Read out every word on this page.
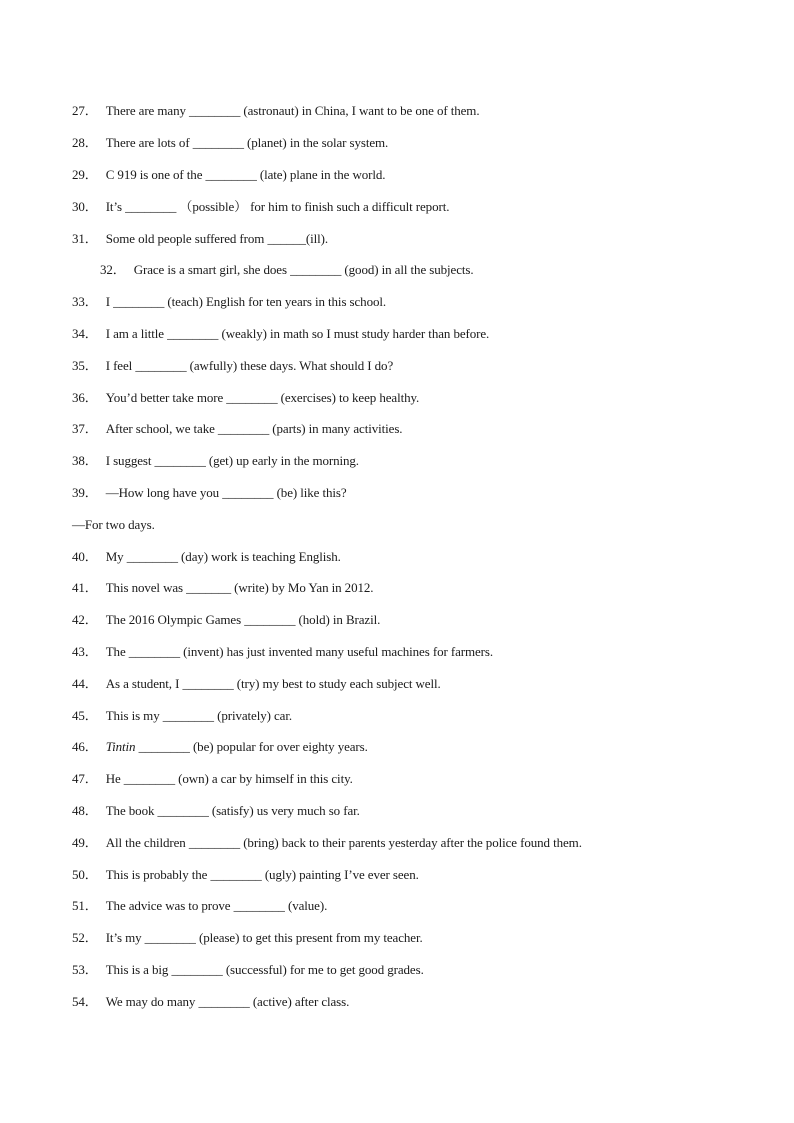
27． There are many ________ (astronaut) in China, I want to be one of them.
28． There are lots of ________ (planet) in the solar system.
29． C 919 is one of the ________ (late) plane in the world.
30． It’s ________ （possible） for him to finish such a difficult report.
31． Some old people suffered from ______(ill).
32． Grace is a smart girl, she does ________ (good) in all the subjects.
33． I ________ (teach) English for ten years in this school.
34． I am a little ________ (weakly) in math so I must study harder than before.
35． I feel ________ (awfully) these days. What should I do?
36． You’d better take more ________ (exercises) to keep healthy.
37． After school, we take ________ (parts) in many activities.
38． I suggest ________ (get) up early in the morning.
39． —How long have you ________ (be) like this?
—For two days.
40． My ________ (day) work is teaching English.
41． This novel was _______ (write) by Mo Yan in 2012.
42． The 2016 Olympic Games ________ (hold) in Brazil.
43． The ________ (invent) has just invented many useful machines for farmers.
44． As a student, I ________ (try) my best to study each subject well.
45． This is my ________ (privately) car.
46． Tintin ________ (be) popular for over eighty years.
47． He ________ (own) a car by himself in this city.
48． The book ________ (satisfy) us very much so far.
49． All the children ________ (bring) back to their parents yesterday after the police found them.
50． This is probably the ________ (ugly) painting I’ve ever seen.
51． The advice was to prove ________ (value).
52． It’s my ________ (please) to get this present from my teacher.
53． This is a big ________ (successful) for me to get good grades.
54． We may do many ________ (active) after class.
